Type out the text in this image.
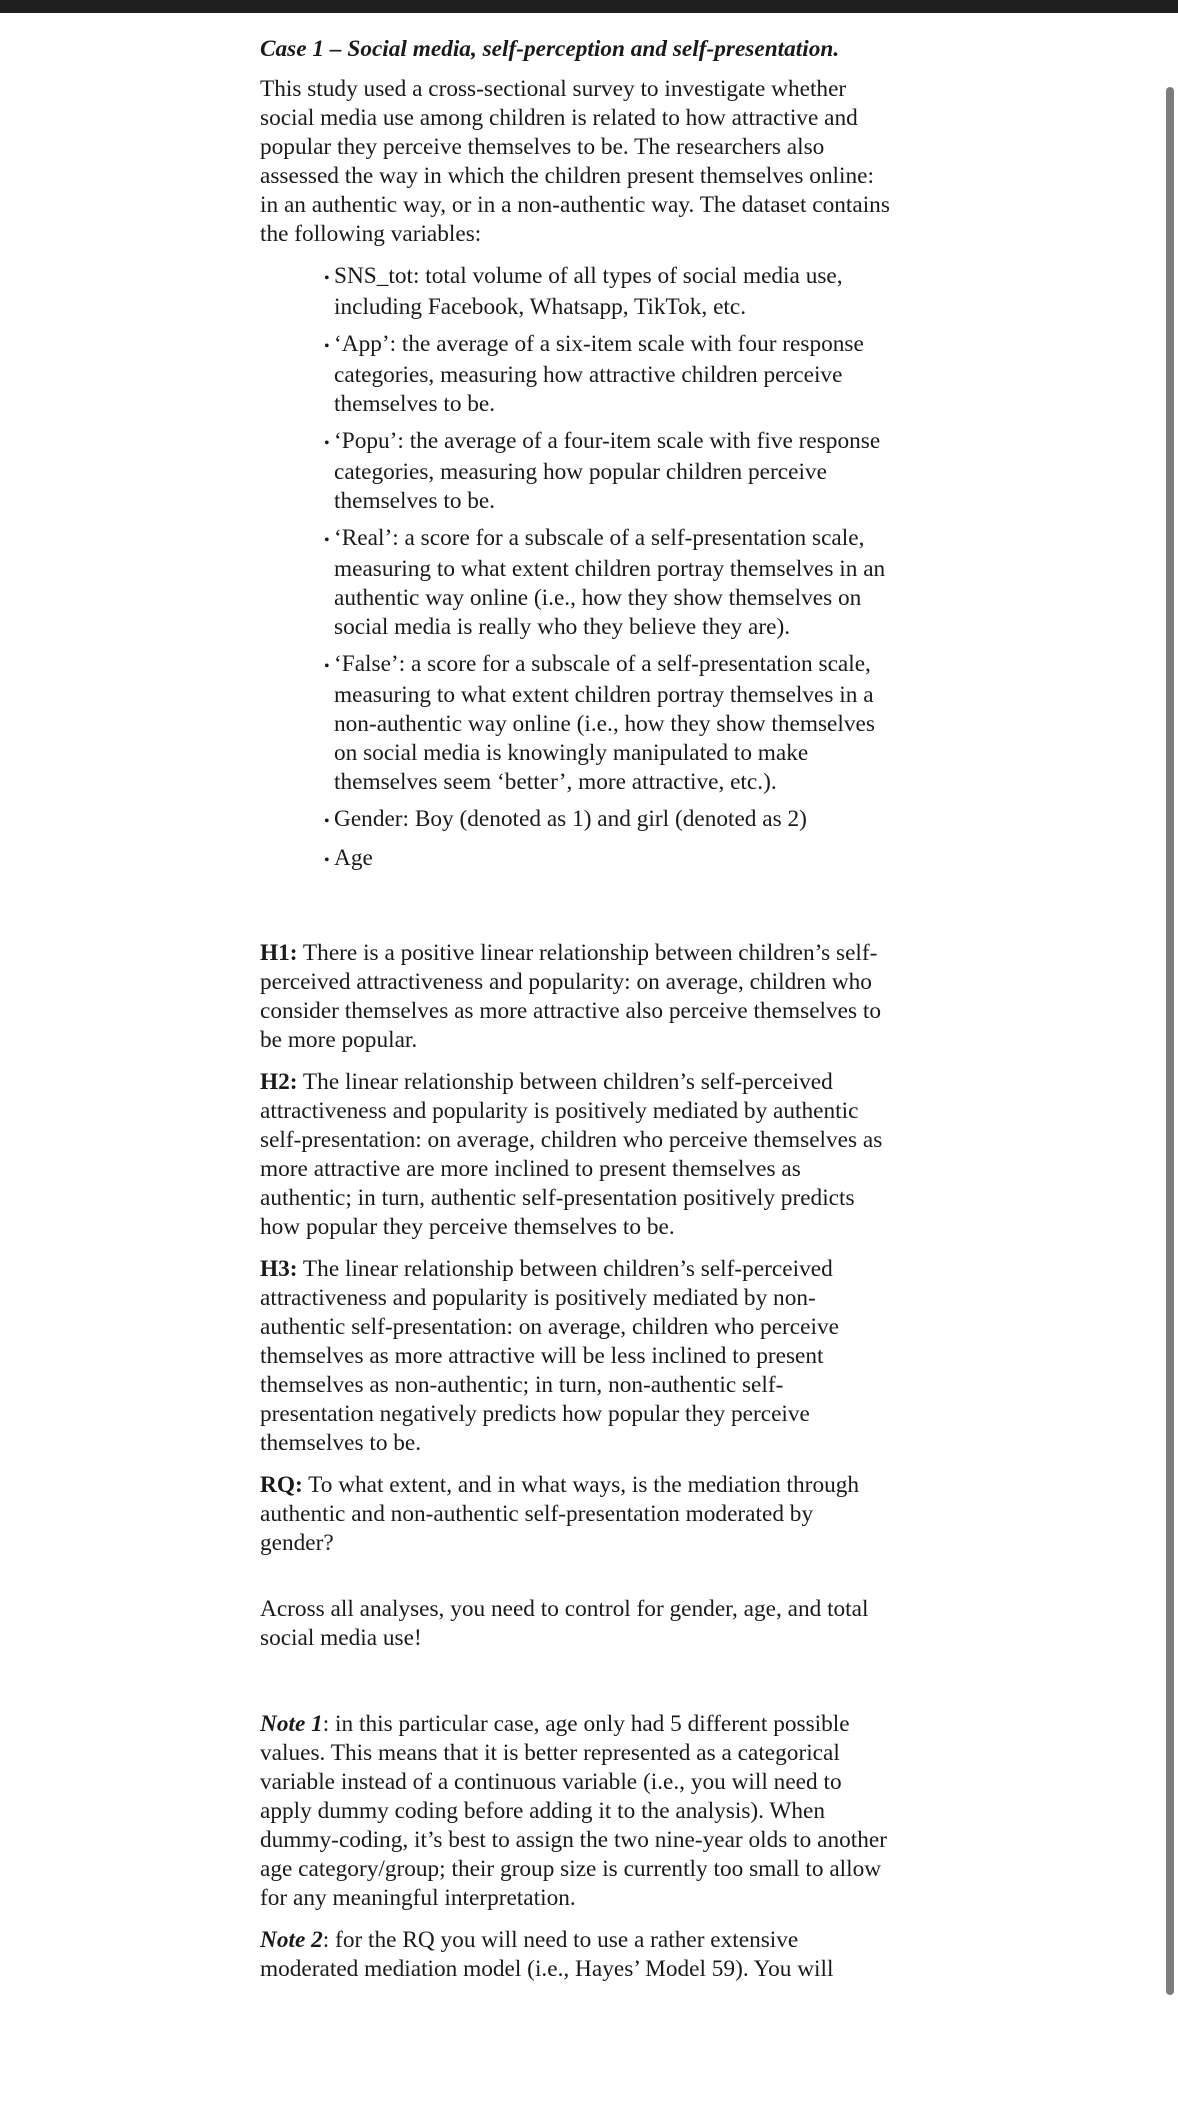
Case 1 – Social media, self-perception and self-presentation.

This study used a cross-sectional survey to investigate whether social media use among children is related to how attractive and popular they perceive themselves to be. The researchers also assessed the way in which the children present themselves online: in an authentic way, or in a non-authentic way. The dataset contains the following variables:

• SNS_tot: total volume of all types of social media use, including Facebook, Whatsapp, TikTok, etc.
• ‘App’: the average of a six-item scale with four response categories, measuring how attractive children perceive themselves to be.
• ‘Popu’: the average of a four-item scale with five response categories, measuring how popular children perceive themselves to be.
• ‘Real’: a score for a subscale of a self-presentation scale, measuring to what extent children portray themselves in an authentic way online (i.e., how they show themselves on social media is really who they believe they are).
• ‘False’: a score for a subscale of a self-presentation scale, measuring to what extent children portray themselves in a non-authentic way online (i.e., how they show themselves on social media is knowingly manipulated to make themselves seem ‘better’, more attractive, etc.).
• Gender: Boy (denoted as 1) and girl (denoted as 2)
• Age

H1: There is a positive linear relationship between children’s self-perceived attractiveness and popularity: on average, children who consider themselves as more attractive also perceive themselves to be more popular.

H2: The linear relationship between children’s self-perceived attractiveness and popularity is positively mediated by authentic self-presentation: on average, children who perceive themselves as more attractive are more inclined to present themselves as authentic; in turn, authentic self-presentation positively predicts how popular they perceive themselves to be.

H3: The linear relationship between children’s self-perceived attractiveness and popularity is positively mediated by non-authentic self-presentation: on average, children who perceive themselves as more attractive will be less inclined to present themselves as non-authentic; in turn, non-authentic self-presentation negatively predicts how popular they perceive themselves to be.

RQ: To what extent, and in what ways, is the mediation through authentic and non-authentic self-presentation moderated by gender?

Across all analyses, you need to control for gender, age, and total social media use!

Note 1: in this particular case, age only had 5 different possible values. This means that it is better represented as a categorical variable instead of a continuous variable (i.e., you will need to apply dummy coding before adding it to the analysis). When dummy-coding, it’s best to assign the two nine-year olds to another age category/group; their group size is currently too small to allow for any meaningful interpretation.

Note 2: for the RQ you will need to use a rather extensive moderated mediation model (i.e., Hayes’ Model 59). You will
